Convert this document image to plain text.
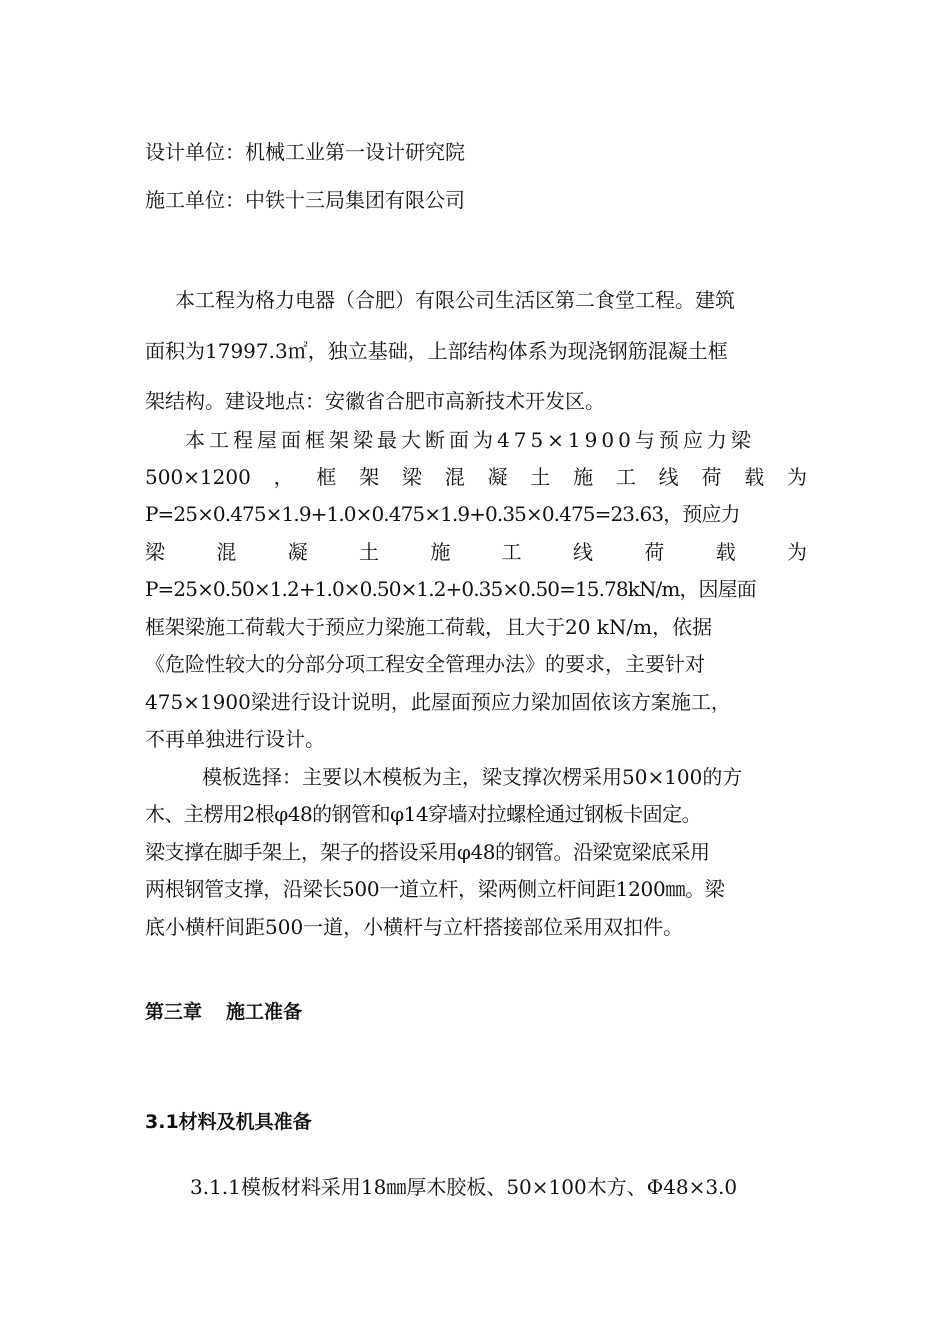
设计单位：机械工业第一设计研究院
施工单位：中铁十三局集团有限公司
本工程为格力电器（合肥）有限公司生活区第二食堂工程。建筑
面积为17997.3㎡，独立基础，上部结构体系为现浇钢筋混凝土框
架结构。建设地点：安徽省合肥市高新技术开发区。
本工程屋面框架梁最大断面为475×1900与预应力梁
500×1200 ， 框 架 梁 混 凝 土 施 工 线 荷 载 为
P=25×0.475×1.9+1.0×0.475×1.9+0.35×0.475=23.63，预应力
梁	混	凝	土	施	工	线	荷	载	为
P=25×0.50×1.2+1.0×0.50×1.2+0.35×0.50=15.78kN/m，因屋面
框架梁施工荷载大于预应力梁施工荷载，且大于20 kN/m，依据
《危险性较大的分部分项工程安全管理办法》的要求，主要针对
475×1900梁进行设计说明，此屋面预应力梁加固依该方案施工，
不再单独进行设计。
模板选择：主要以木模板为主，梁支撑次楞采用50×100的方
木、主楞用2根φ48的钢管和φ14穿墙对拉螺栓通过钢板卡固定。
梁支撑在脚手架上，架子的搭设采用φ48的钢管。沿梁宽梁底采用
两根钢管支撑，沿梁长500一道立杆，梁两侧立杆间距1200㎜。梁
底小横杆间距500一道，小横杆与立杆搭接部位采用双扣件。
第三章 施工准备
3.1材料及机具准备
3.1.1模板材料采用18㎜厚木胶板、50×100木方、Φ48×3.0
